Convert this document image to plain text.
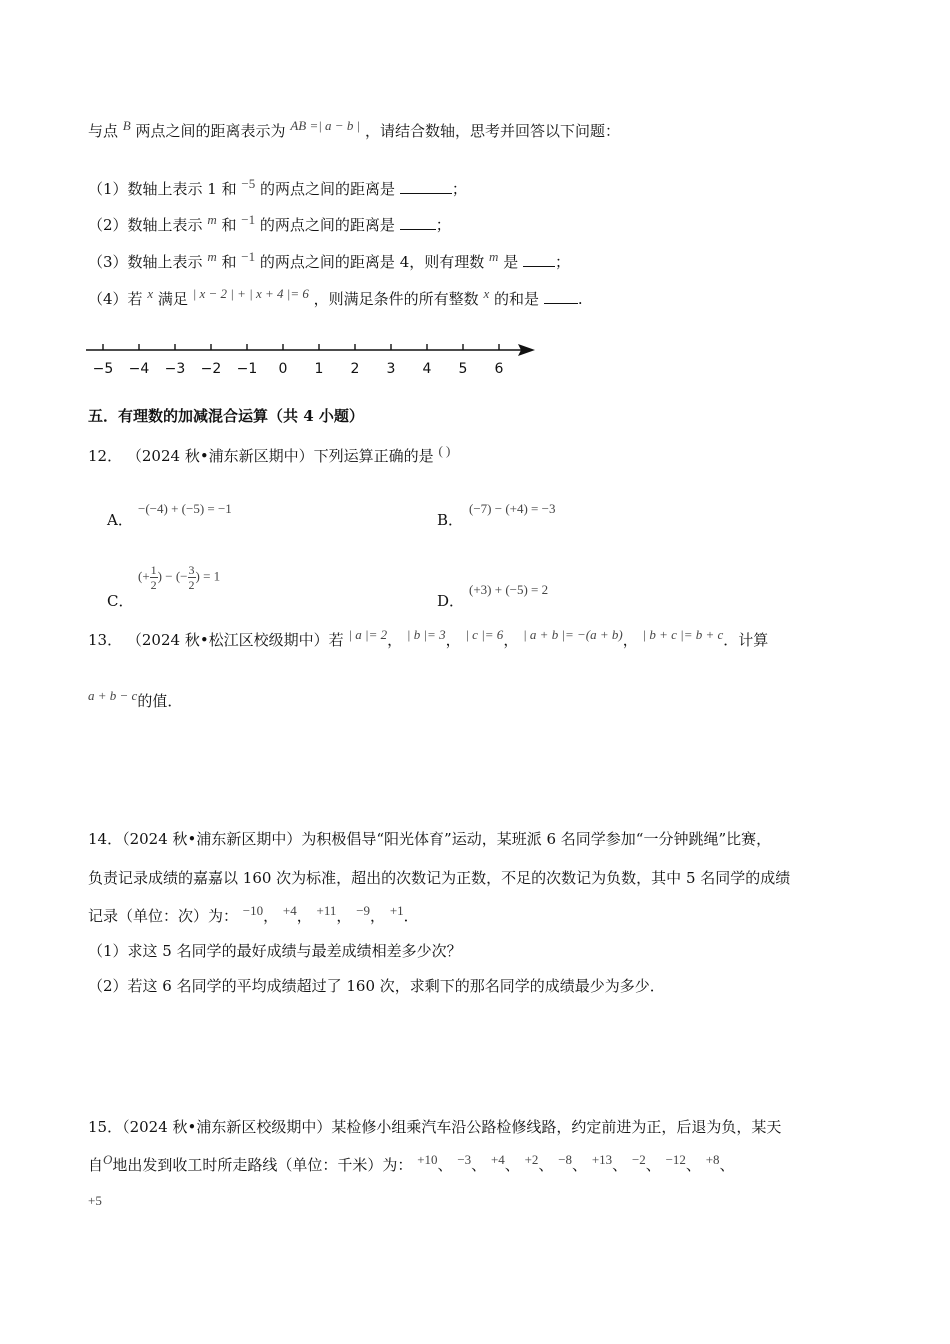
与点 B 两点之间的距离表示为 AB =| a − b | ，请结合数轴，思考并回答以下问题：
（1）数轴上表示 1 和 −5 的两点之间的距离是	；
（2）数轴上表示 m 和 −1 的两点之间的距离是	；
（3）数轴上表示 m 和 −1 的两点之间的距离是 4，则有理数 m 是 ；
（4）若 x 满足 | x − 2 | + | x + 4 |= 6 ，则满足条件的所有整数 x 的和是	.
−5 −4 −3 −2 −1 0 1 2 3 4 5 6
五．有理数的加减混合运算（共 4 小题）
12． （2024 秋•浦东新区期中）下列运算正确的是 ( )
A．
−(−4) + (−5) = −1
B．
(−7) − (+4) = −3
C．
(+ $\frac{1}{2}$ ) − (− $\frac{3}{2}$ ) = 1
D．
(+3) + (−5) = 2
13． （2024 秋•松江区校级期中）若 | a |= 2， | b |= 3， | c |= 6， | a + b |= −(a + b)， | b + c |= b + c．计算
a + b − c的值．
14．（2024 秋•浦东新区期中）为积极倡导“阳光体育”运动，某班派 6 名同学参加“一分钟跳绳”比赛，
负责记录成绩的嘉嘉以 160 次为标准，超出的次数记为正数，不足的次数记为负数，其中 5 名同学的成绩
记录（单位：次）为： −10， +4， +11， −9， +1．
（1）求这 5 名同学的最好成绩与最差成绩相差多少次？
（2）若这 6 名同学的平均成绩超过了 160 次，求剩下的那名同学的成绩最少为多少．
15．（2024 秋•浦东新区校级期中）某检修小组乘汽车沿公路检修线路，约定前进为正，后退为负，某天
自O地出发到收工时所走路线（单位：千米）为： +10、 −3、 +4、 +2、 −8、 +13、 −2、 −12、 +8、
+5
